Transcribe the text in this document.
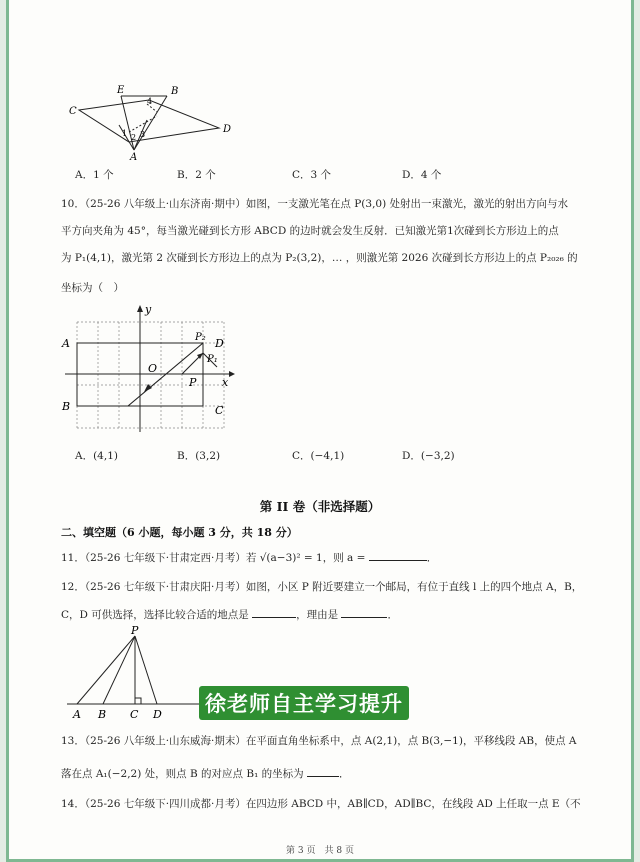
C
E	B
D
A
1 2 3
4
A．1 个	B．2 个	C．3 个	D．4 个
10．（25-26 八年级上·山东济南·期中）如图，一支激光笔在点 P(3,0) 处射出一束激光，激光的射出方向与水
平方向夹角为 45°，每当激光碰到长方形 ABCD 的边时就会发生反射．已知激光第1次碰到长方形边上的点
为 P₁(4,1)，激光第 2 次碰到长方形边上的点为 P₂(3,2)，… ，则激光第 2026 次碰到长方形边上的点 P₂₀₂₆ 的
坐标为（　）
A
B	C
D
y
x
O
P
P₁
P₂
A．(4,1)	B．(3,2)	C．(−4,1)	D．(−3,2)
第 II 卷（非选择题）
二、填空题（6 小题，每小题 3 分，共 18 分）
11．（25-26 七年级下·甘肃定西·月考）若 √(a−3)² = 1，则 a =	．
12．（25-26 七年级下·甘肃庆阳·月考）如图，小区 P 附近要建立一个邮局，有位于直线 l 上的四个地点 A，B，
C，D 可供选择，选择比较合适的地点是	，理由是	．
P
A B C D 徐老师自主学习提升
13．（25-26 八年级上·山东威海·期末）在平面直角坐标系中，点 A(2,1)，点 B(3,−1)，平移线段 AB，使点 A
落在点 A₁(−2,2) 处，则点 B 的对应点 B₁ 的坐标为	．
14．（25-26 七年级下·四川成都·月考）在四边形 ABCD 中，AB∥CD，AD∥BC，在线段 AD 上任取一点 E（不
第 3 页　共 8 页
